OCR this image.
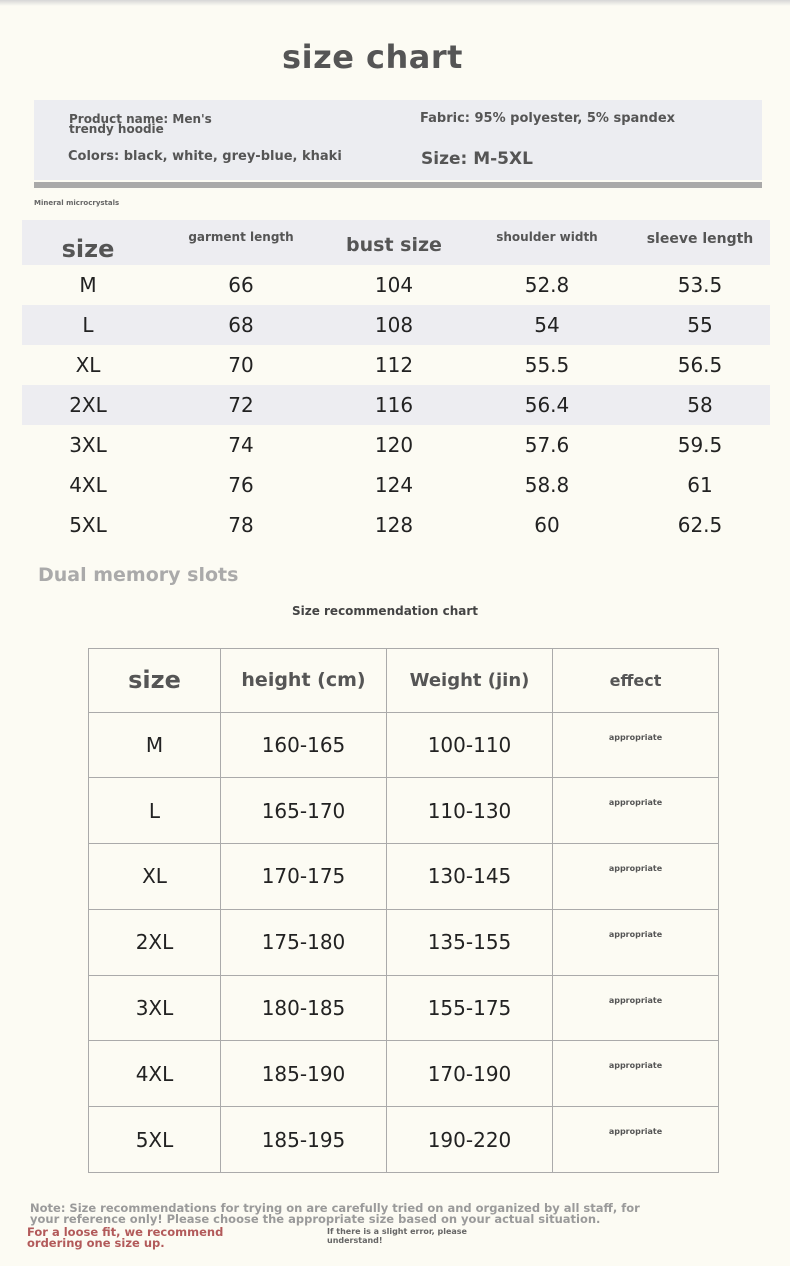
size chart
Product name: Men's trendy hoodie
Fabric: 95% polyester, 5% spandex
Colors: black, white, grey-blue, khaki	Size: M-5XL
Mineral microcrystals
size	garment length	bust size	shoulder width	sleeve length
M	66	104	52.8	53.5
L	68	108	54	55
XL	70	112	55.5	56.5
2XL	72	116	56.4	58
3XL	74	120	57.6	59.5
4XL	76	124	58.8	61
5XL	78	128	60	62.5
Dual memory slots
Size recommendation chart
size	height (cm)	Weight (jin)	effect
M	160-165	100-110	appropriate
L	165-170	110-130	appropriate
XL	170-175	130-145	appropriate
2XL	175-180	135-155	appropriate
3XL	180-185	155-175	appropriate
4XL	185-190	170-190	appropriate
5XL	185-195	190-220	appropriate
Note: Size recommendations for trying on are carefully tried on and organized by all staff, for your reference only! Please choose the appropriate size based on your actual situation.
For a loose fit, we recommend ordering one size up.
If there is a slight error, please understand!
